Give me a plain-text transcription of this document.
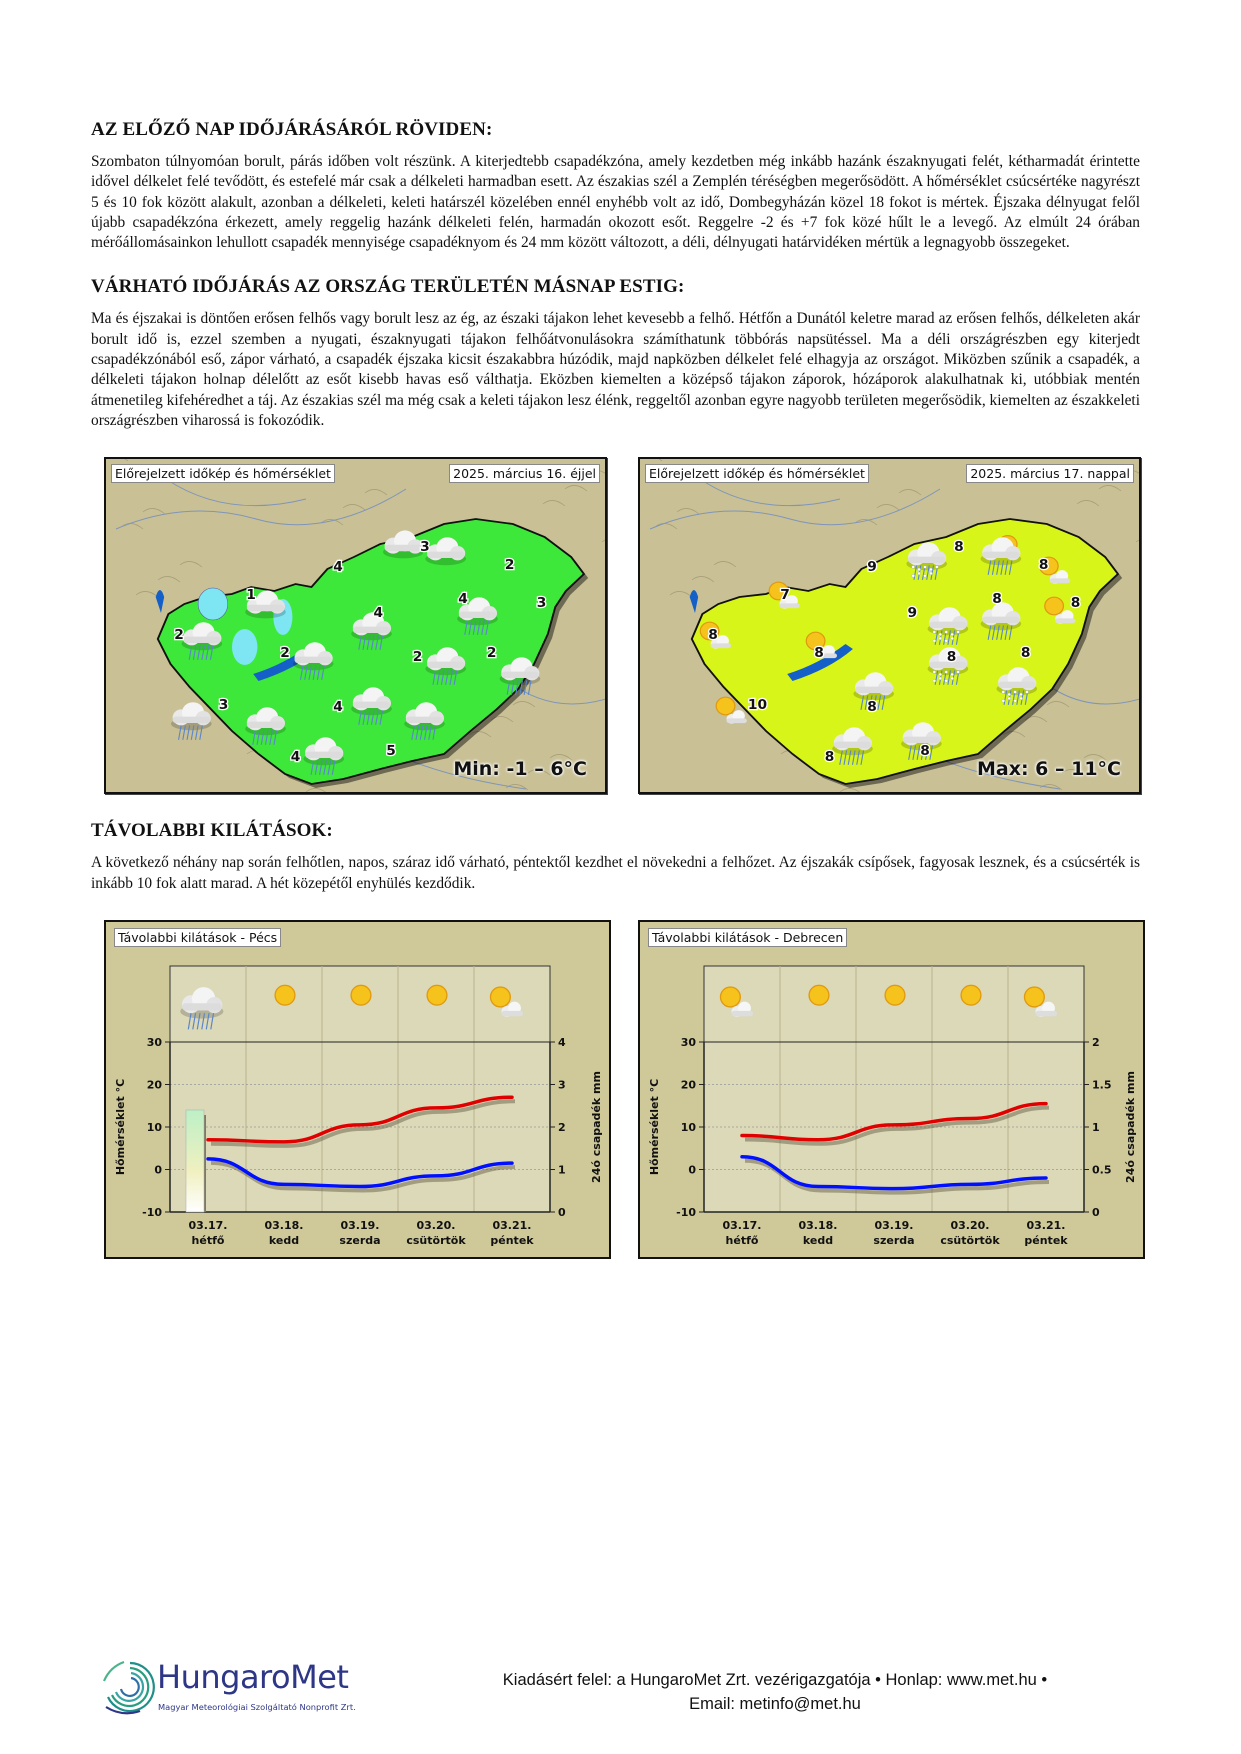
AZ ELŐZŐ NAP IDŐJÁRÁSÁRÓL RÖVIDEN:

Szombaton túlnyomóan borult, párás időben volt részünk. A kiterjedtebb csapadékzóna, amely kezdetben még inkább hazánk északnyugati felét, kétharmadát érintette idővel délkelet felé tevődött, és estefelé már csak a délkeleti harmadban esett. Az északias szél a Zemplén téréségben megerősödött. A hőmérséklet csúcsértéke nagyrészt 5 és 10 fok között alakult, azonban a délkeleti, keleti határszél közelében ennél enyhébb volt az idő, Dombegyházán közel 18 fokot is mértek. Éjszaka délnyugat felől újabb csapadékzóna érkezett, amely reggelig hazánk délkeleti felén, harmadán okozott esőt. Reggelre -2 és +7 fok közé hűlt le a levegő. Az elmúlt 24 órában mérőállomásainkon lehullott csapadék mennyisége csapadéknyom és 24 mm között változott, a déli, délnyugati határvidéken mértük a legnagyobb összegeket.

VÁRHATÓ IDŐJÁRÁS AZ ORSZÁG TERÜLETÉN MÁSNAP ESTIG:

Ma és éjszakai is döntően erősen felhős vagy borult lesz az ég, az északi tájakon lehet kevesebb a felhő. Hétfőn a Dunától keletre marad az erősen felhős, délkeleten akár borult idő is, ezzel szemben a nyugati, északnyugati tájakon felhőátvonulásokra számíthatunk többórás napsütéssel. Ma a déli országrészben egy kiterjedt csapadékzónából eső, zápor várható, a csapadék éjszaka kicsit északabbra húzódik, majd napközben délkelet felé elhagyja az országot. Miközben szűnik a csapadék, a délkeleti tájakon holnap délelőtt az esőt kisebb havas eső válthatja. Eközben kiemelten a középső tájakon záporok, hózáporok alakulhatnak ki, utóbbiak mentén átmenetileg kifehéredhet a táj. Az északias szél ma még csak a keleti tájakon lesz élénk, reggeltől azonban egyre nagyobb területen megerősödik, kiemelten az északkeleti országrészben viharossá is fokozódik.

4
3
2
1
4
4	3
2
2	2	2
3	4
5
4
Előrejelzett időkép és hőmérséklet	2025. március 16. éjjel
Min: -1 – 6°C
9
8
8
7
9
8	8
8
8	8	8
10	8
8
8
Előrejelzett időkép és hőmérséklet	2025. március 17. nappal
Max: 6 – 11°C
TÁVOLABBI KILÁTÁSOK:

A következő néhány nap során felhőtlen, napos, száraz idő várható, péntektől kezdhet el növekedni a felhőzet. Az éjszakák csípősek, fagyosak lesznek, és a csúcsérték is inkább 10 fok alatt marad. A hét közepétől enyhülés kezdődik.

30
20
10
0
-10
4
3
2
1
0
Hőmérséklet °C	24ó csapadék mm
03.17.
hétfő
03.18.
kedd
03.19.
szerda
03.20.
csütörtök
03.21.
péntek
Távolabbi kilátások - Pécs
30
20
10
0
-10
2
1.5
1
0.5
0
Hőmérséklet °C	24ó csapadék mm
03.17.
hétfő
03.18.
kedd
03.19.
szerda
03.20.
csütörtök
03.21.
péntek
Távolabbi kilátások - Debrecen
HungaroMet
Magyar Meteorológiai Szolgáltató Nonprofit Zrt.
Kiadásért felel: a HungaroMet Zrt. vezérigazgatója • Honlap: www.met.hu •
Email: metinfo@met.hu
